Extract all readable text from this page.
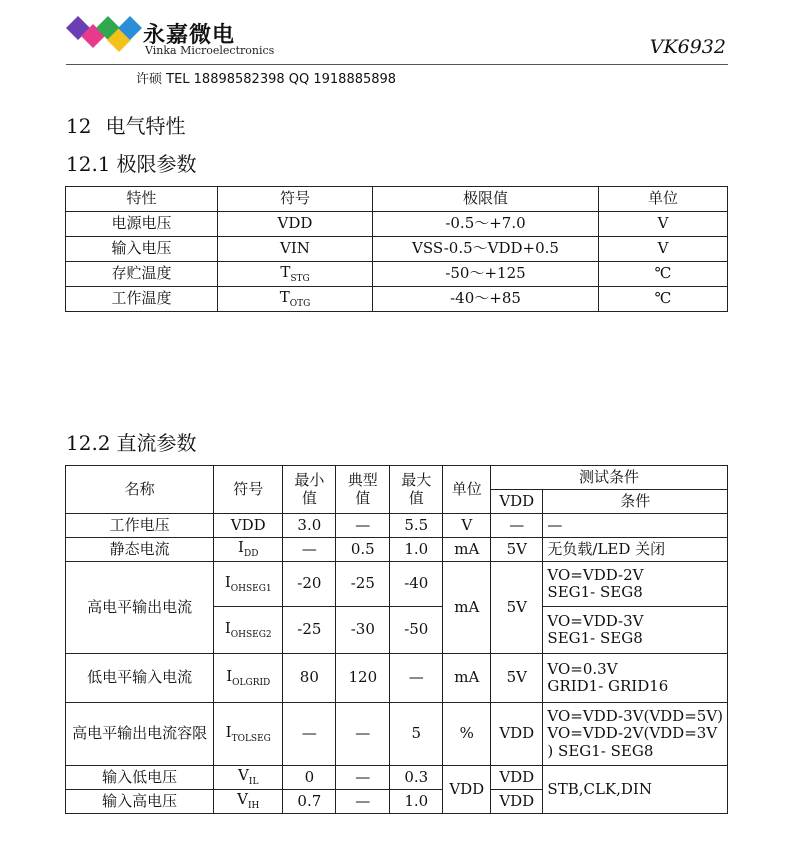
永嘉微电
Vinka Microelectronics	VK6932
许硕 TEL 18898582398 QQ 1918885898
12 电气特性
12.1 极限参数
特性	符号	极限值	单位
电源电压	VDD	-0.5～+7.0	V
输入电压	VIN	VSS-0.5～VDD+0.5	V
存贮温度	$T_{STG}$	-50～+125	℃
工作温度	$T_{OTG}$	-40～+85	℃
12.2 直流参数
名称	符号	最小值	典型值	最大值	单位	测试条件	
						VDD	条件
工作电压	VDD	3.0	—	5.5	V	—	—
静态电流	$I_{DD}$	—	0.5	1.0	mA	5V	无负载/LED 关闭
高电平输出电流	$I_{OHSEG1}$	-20	-25	-40	mA	5V	VO=VDD-2V
SEG1- SEG8
	$I_{OHSEG2}$	-25	-30	-50			VO=VDD-3V
SEG1- SEG8
低电平输入电流	$I_{OLGRID}$	80	120	—	mA	5V	VO=0.3V
GRID1- GRID16
高电平输出电流容限	$I_{TOLSEG}$	—	—	5	%	VDD	VO=VDD-3V(VDD=5V)
VO=VDD-2V(VDD=3V
) SEG1- SEG8
输入低电压	$V_{IL}$	0	—	0.3	VDD	VDD	STB,CLK,DIN
输入高电压	$V_{IH}$	0.7	—	1.0		VDD	
